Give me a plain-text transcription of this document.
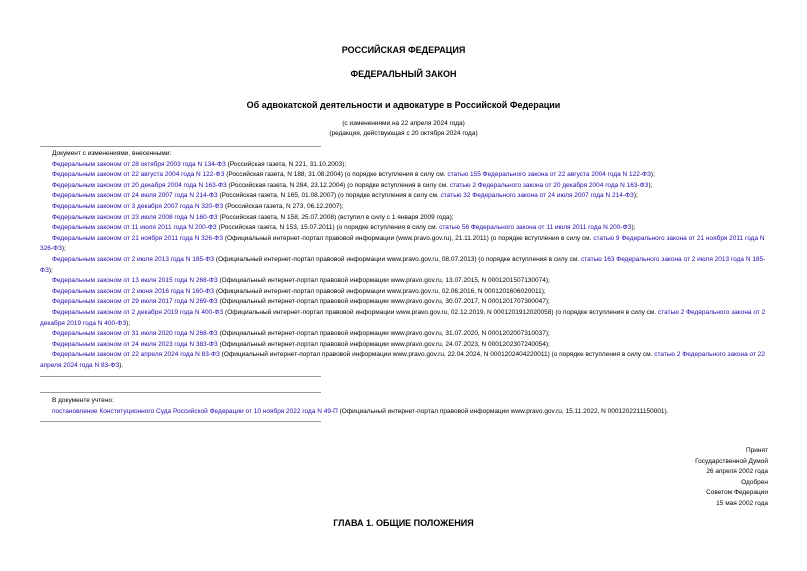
РОССИЙСКАЯ ФЕДЕРАЦИЯ
ФЕДЕРАЛЬНЫЙ ЗАКОН
Об адвокатской деятельности и адвокатуре в Российской Федерации
(с изменениями на 22 апреля 2024 года)
(редакция, действующая с 20 октября 2024 года)
Документ с изменениями, внесенными:
Федеральным законом от 28 октября 2003 года N 134-ФЗ (Российская газета, N 221, 31.10.2003);
Федеральным законом от 22 августа 2004 года N 122-ФЗ (Российская газета, N 188, 31.08.2004) (о порядке вступления в силу см. статью 155 Федерального закона от 22 августа 2004 года N 122-ФЗ);
Федеральным законом от 20 декабря 2004 года N 163-ФЗ (Российская газета, N 284, 23.12.2004) (о порядке вступления в силу см. статью 2 Федерального закона от 20 декабря 2004 года N 163-ФЗ);
Федеральным законом от 24 июля 2007 года N 214-ФЗ (Российская газета, N 165, 01.08.2007) (о порядке вступления в силу см. статью 32 Федерального закона от 24 июля 2007 года N 214-ФЗ);
Федеральным законом от 3 декабря 2007 года N 320-ФЗ (Российская газета, N 273, 06.12.2007);
Федеральным законом от 23 июля 2008 года N 160-ФЗ (Российская газета, N 158, 25.07.2008) (вступил в силу с 1 января 2009 года);
Федеральным законом от 11 июля 2011 года N 200-ФЗ (Российская газета, N 153, 15.07.2011) (о порядке вступления в силу см. статью 56 Федерального закона от 11 июля 2011 года N 200-ФЗ);
Федеральным законом от 21 ноября 2011 года N 326-ФЗ (Официальный интернет-портал правовой информации (www.pravo.gov.ru), 21.11.2011) (о порядке вступления в силу см. статью 9 Федерального закона от 21 ноября 2011 года N 326-ФЗ);
Федеральным законом от 2 июля 2013 года N 185-ФЗ (Официальный интернет-портал правовой информации www.pravo.gov.ru, 08.07.2013) (о порядке вступления в силу см. статью 163 Федерального закона от 2 июля 2013 года N 185-ФЗ);
Федеральным законом от 13 июля 2015 года N 268-ФЗ (Официальный интернет-портал правовой информации www.pravo.gov.ru, 13.07.2015, N 0001201507130074);
Федеральным законом от 2 июня 2016 года N 160-ФЗ (Официальный интернет-портал правовой информации www.pravo.gov.ru, 02.06.2016, N 0001201606020011);
Федеральным законом от 29 июля 2017 года N 269-ФЗ (Официальный интернет-портал правовой информации www.pravo.gov.ru, 30.07.2017, N 0001201707300047);
Федеральным законом от 2 декабря 2019 года N 400-ФЗ (Официальный интернет-портал правовой информации www.pravo.gov.ru, 02.12.2019, N 0001201912020058) (о порядке вступления в силу см. статью 2 Федерального закона от 2 декабря 2019 года N 400-ФЗ);
Федеральным законом от 31 июля 2020 года N 268-ФЗ (Официальный интернет-портал правовой информации www.pravo.gov.ru, 31.07.2020, N 0001202007310037);
Федеральным законом от 24 июля 2023 года N 383-ФЗ (Официальный интернет-портал правовой информации www.pravo.gov.ru, 24.07.2023, N 0001202307240054);
Федеральным законом от 22 апреля 2024 года N 83-ФЗ (Официальный интернет-портал правовой информации www.pravo.gov.ru, 22.04.2024, N 0001202404220011) (о порядке вступления в силу см. статью 2 Федерального закона от 22 апреля 2024 года N 83-ФЗ).
В документе учтено:
постановление Конституционного Суда Российской Федерации от 10 ноября 2022 года N 49-П (Официальный интернет-портал правовой информации www.pravo.gov.ru, 15.11.2022, N 0001202211150001).
Принят
Государственной Думой
26 апреля 2002 года
Одобрен
Советом Федерации
15 мая 2002 года
ГЛАВА 1. ОБЩИЕ ПОЛОЖЕНИЯ
